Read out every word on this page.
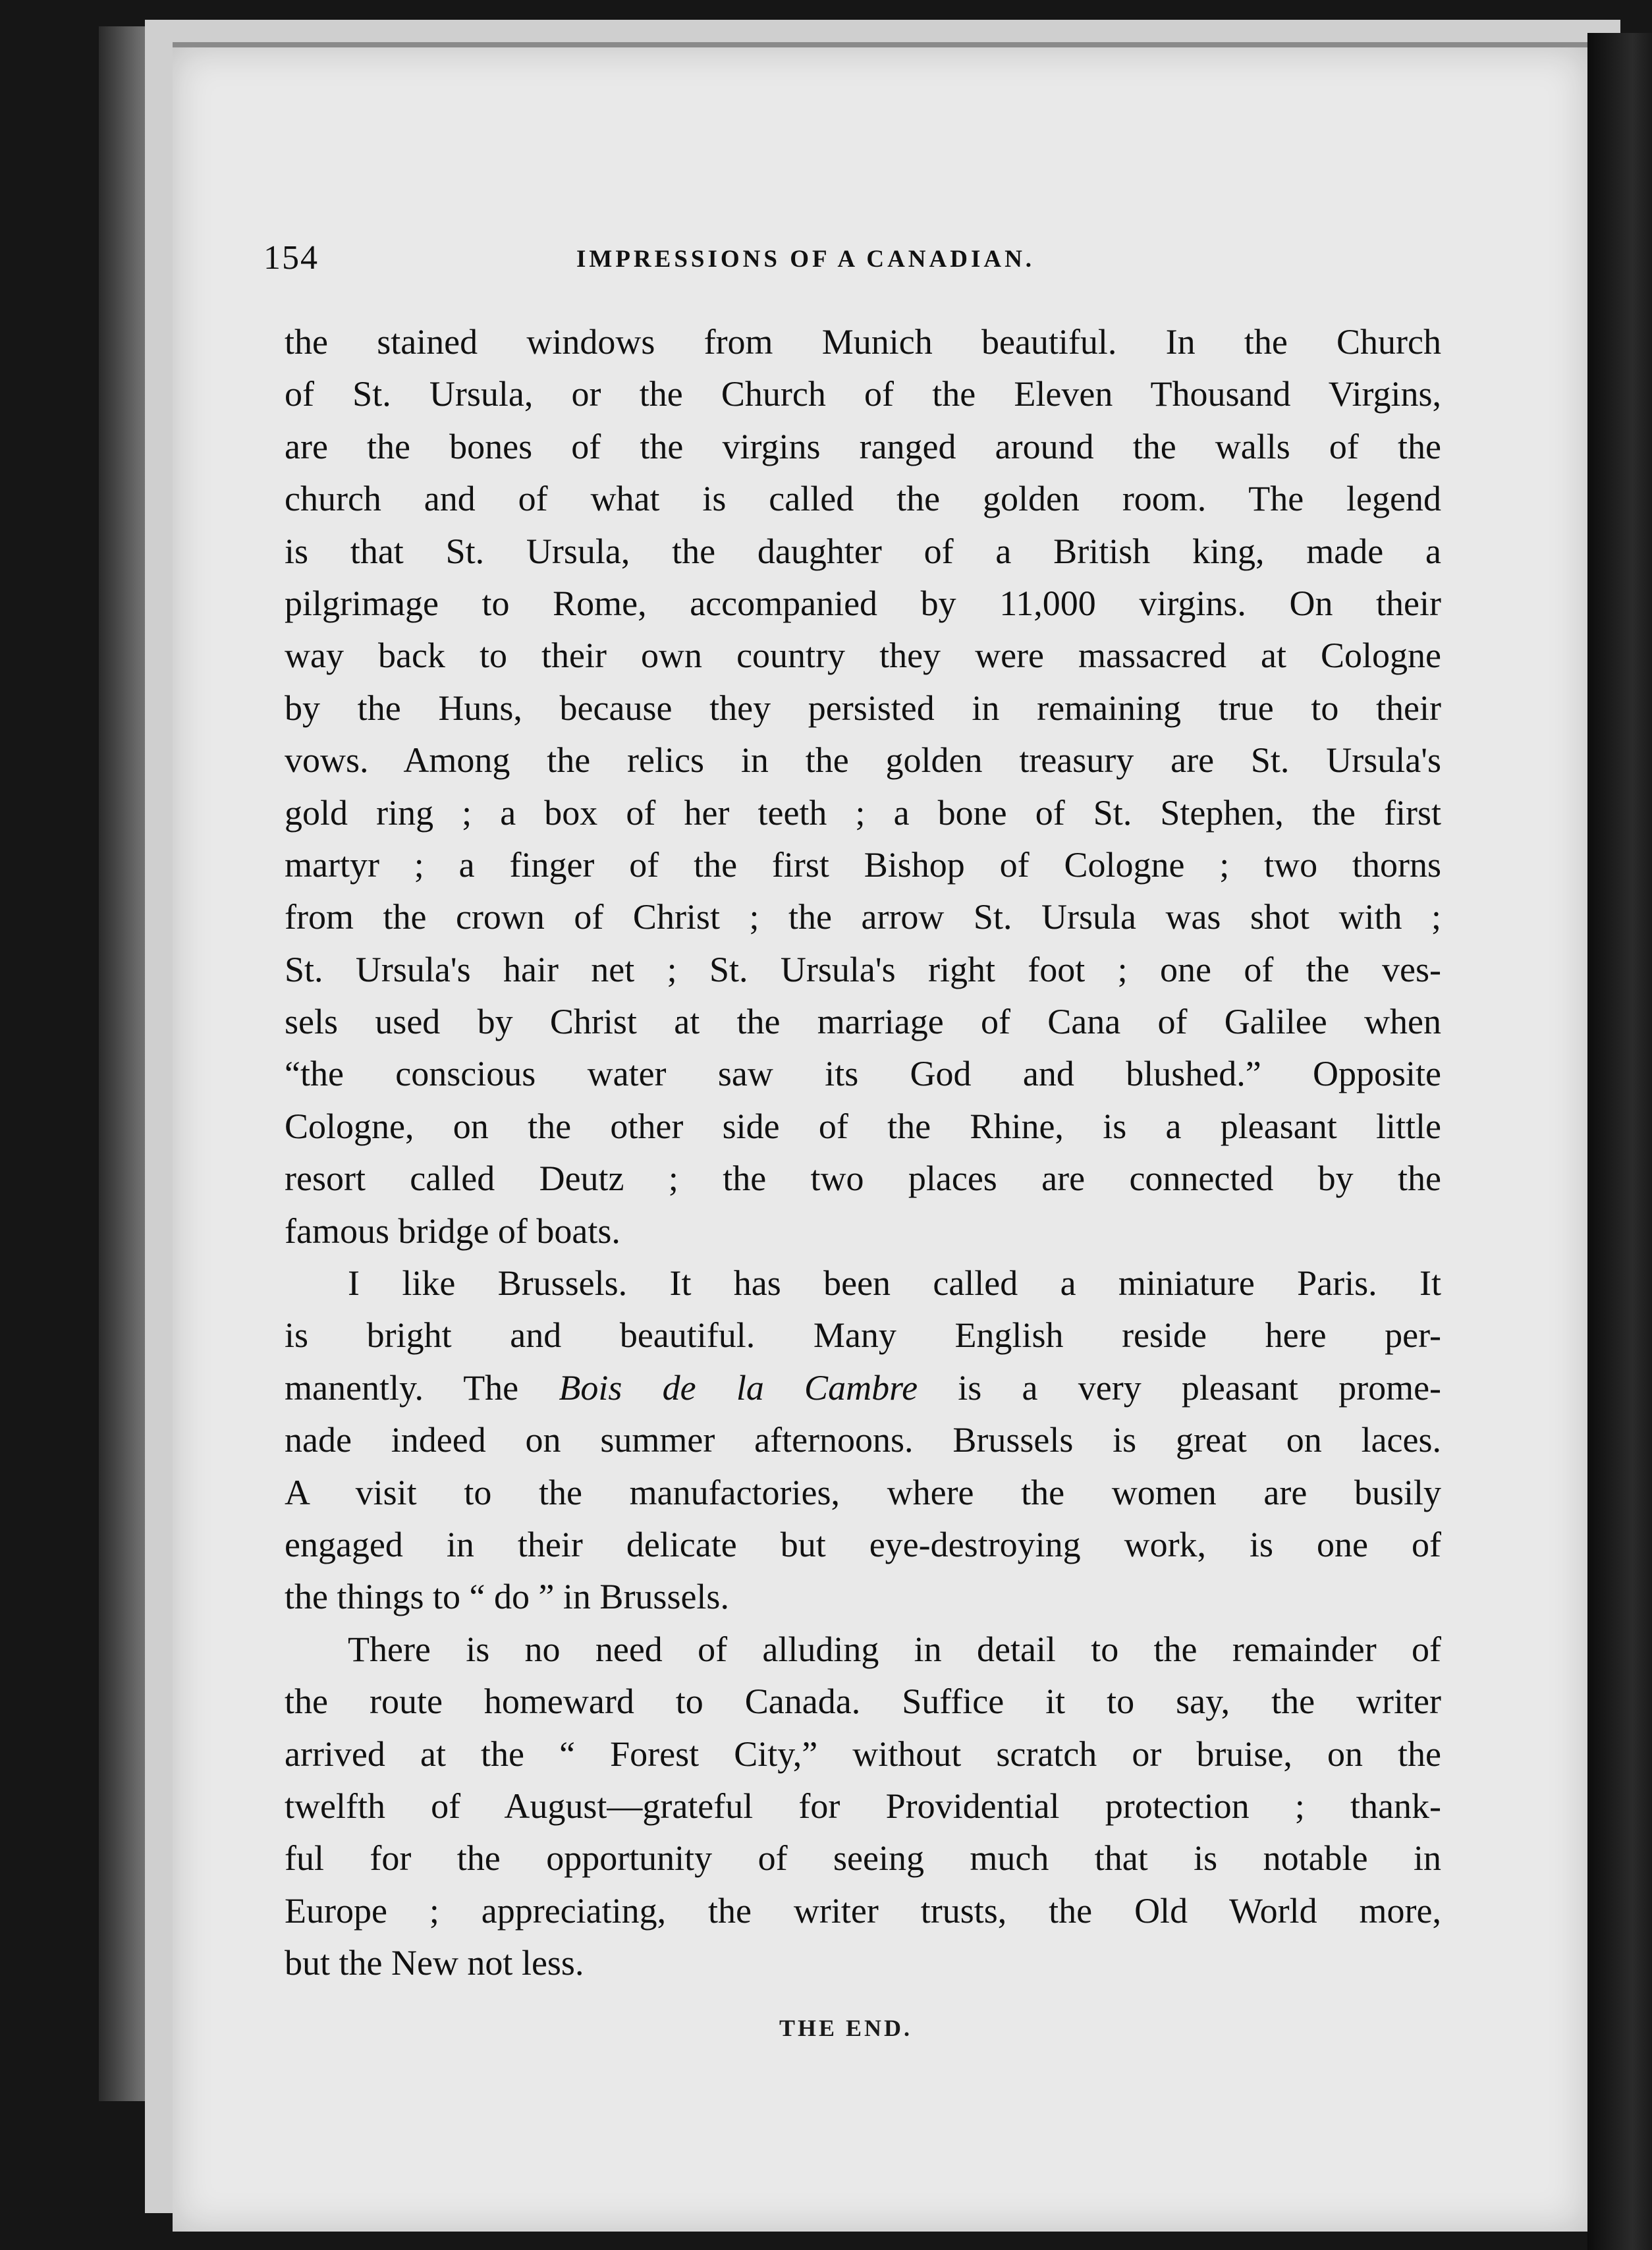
154	IMPRESSIONS OF A CANADIAN.
the stained windows from Munich beautiful. In the Church
of St. Ursula, or the Church of the Eleven Thousand Virgins,
are the bones of the virgins ranged around the walls of the
church and of what is called the golden room. The legend
is that St. Ursula, the daughter of a British king, made a
pilgrimage to Rome, accompanied by 11,000 virgins. On their
way back to their own country they were massacred at Cologne
by the Huns, because they persisted in remaining true to their
vows. Among the relics in the golden treasury are St. Ursula's
gold ring ; a box of her teeth ; a bone of St. Stephen, the first
martyr ; a finger of the first Bishop of Cologne ; two thorns
from the crown of Christ ; the arrow St. Ursula was shot with ;
St. Ursula's hair net ; St. Ursula's right foot ; one of the ves-
sels used by Christ at the marriage of Cana of Galilee when
“the conscious water saw its God and blushed.” Opposite
Cologne, on the other side of the Rhine, is a pleasant little
resort called Deutz ; the two places are connected by the
famous bridge of boats.
I like Brussels. It has been called a miniature Paris. It
is bright and beautiful. Many English reside here per-
manently. The Bois de la Cambre is a very pleasant prome-
nade indeed on summer afternoons. Brussels is great on laces.
A visit to the manufactories, where the women are busily
engaged in their delicate but eye-destroying work, is one of
the things to “ do ” in Brussels.
There is no need of alluding in detail to the remainder of
the route homeward to Canada. Suffice it to say, the writer
arrived at the “ Forest City,” without scratch or bruise, on the
twelfth of August—grateful for Providential protection ; thank-
ful for the opportunity of seeing much that is notable in
Europe ; appreciating, the writer trusts, the Old World more,
but the New not less.
THE END.
